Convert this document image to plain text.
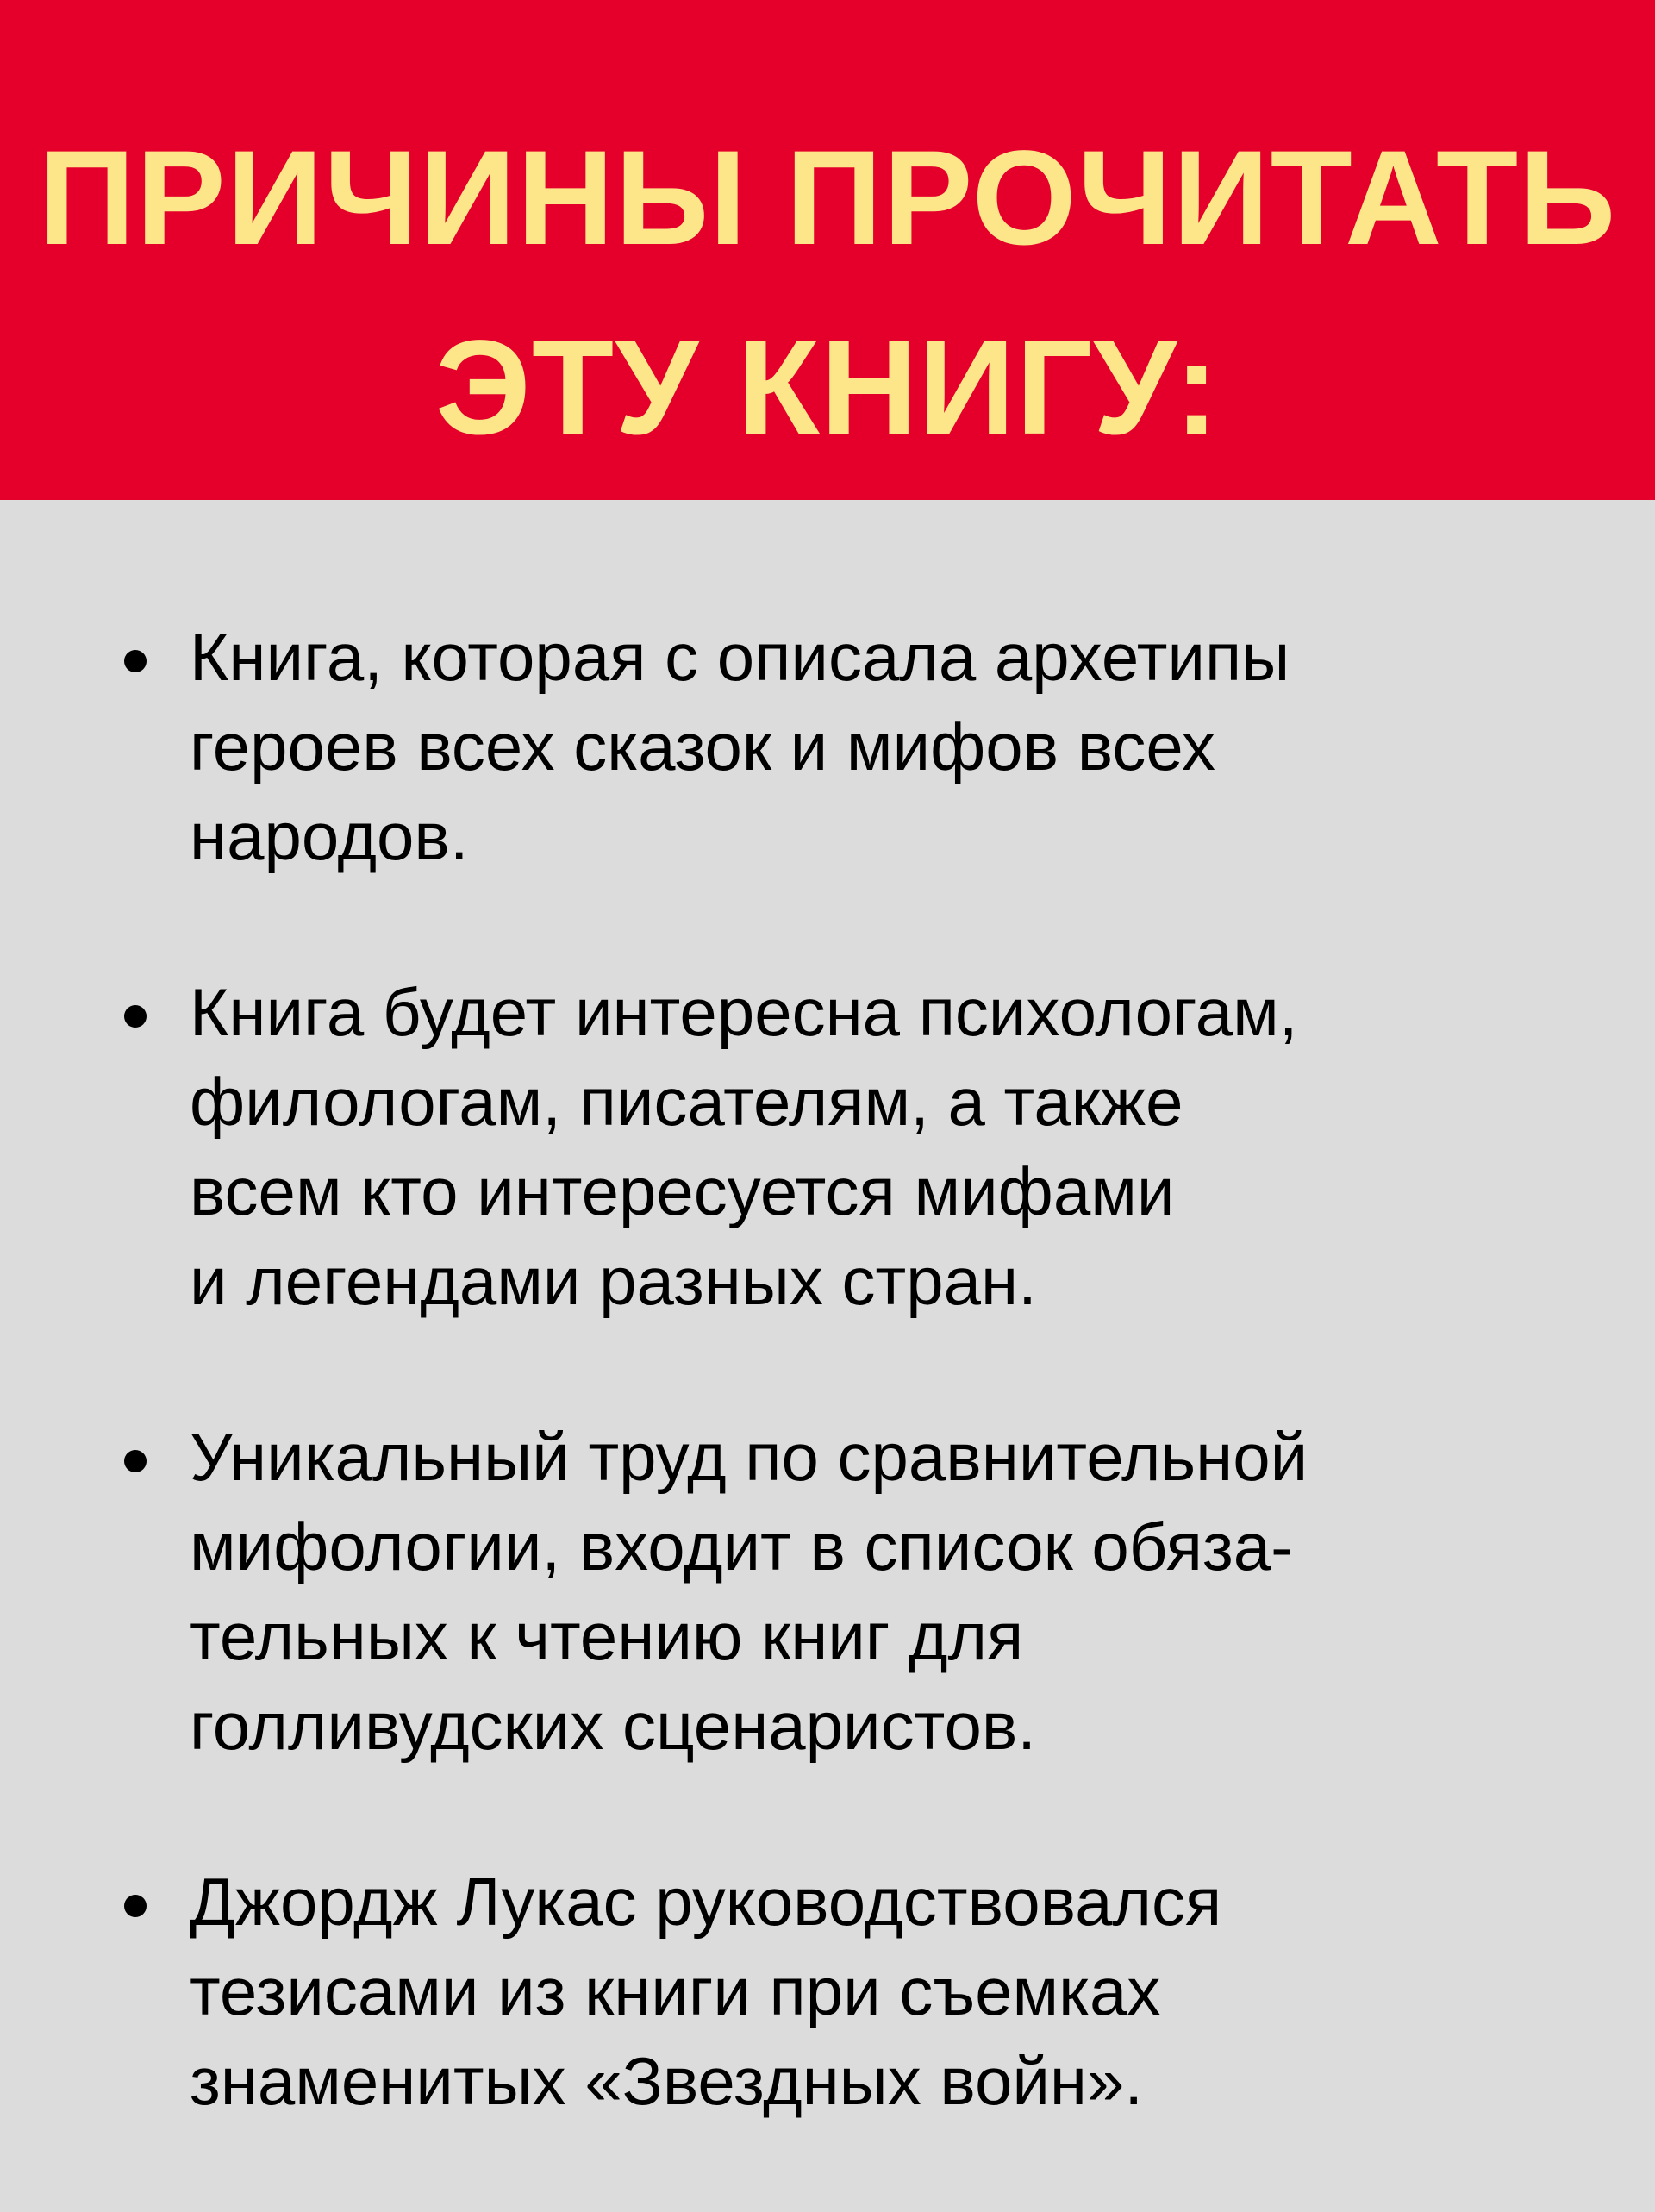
ПРИЧИНЫ ПРОЧИТАТЬ
ЭТУ КНИГУ:
Книга, которая с описала архетипы
героев всех сказок и мифов всех
народов.
Книга будет интересна психологам,
филологам, писателям, а также
всем кто интересуется мифами
и легендами разных стран.
Уникальный труд по сравнительной
мифологии, входит в список обяза-
тельных к чтению книг для
голливудских сценаристов.
Джордж Лукас руководствовался
тезисами из книги при съемках
знаменитых «Звездных войн».
